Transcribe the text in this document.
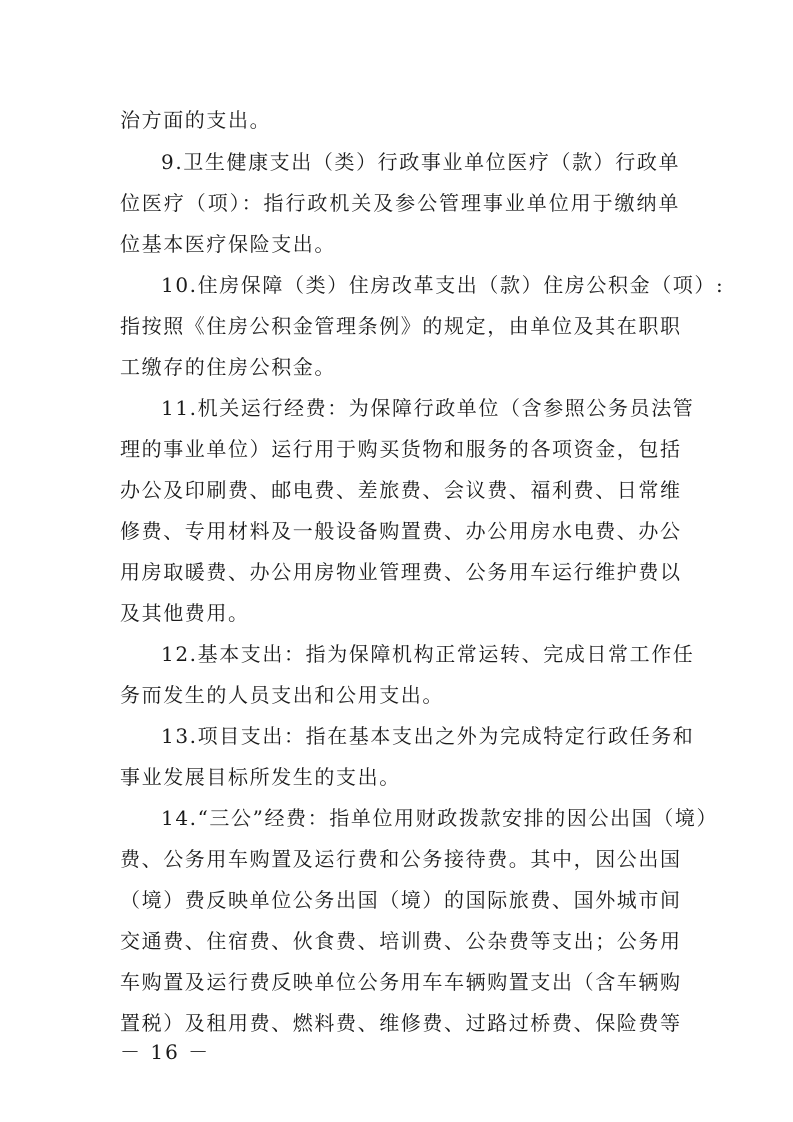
治方面的支出。
9.卫生健康支出（类）行政事业单位医疗（款）行政单
位医疗（项）：指行政机关及参公管理事业单位用于缴纳单
位基本医疗保险支出。
10.住房保障（类）住房改革支出（款）住房公积金（项）:
指按照《住房公积金管理条例》的规定，由单位及其在职职
工缴存的住房公积金。
11.机关运行经费：为保障行政单位（含参照公务员法管
理的事业单位）运行用于购买货物和服务的各项资金，包括
办公及印刷费、邮电费、差旅费、会议费、福利费、日常维
修费、专用材料及一般设备购置费、办公用房水电费、办公
用房取暖费、办公用房物业管理费、公务用车运行维护费以
及其他费用。
12.基本支出：指为保障机构正常运转、完成日常工作任
务而发生的人员支出和公用支出。
13.项目支出：指在基本支出之外为完成特定行政任务和
事业发展目标所发生的支出。
14.“三公”经费：指单位用财政拨款安排的因公出国（境）
费、公务用车购置及运行费和公务接待费。其中，因公出国
（境）费反映单位公务出国（境）的国际旅费、国外城市间
交通费、住宿费、伙食费、培训费、公杂费等支出；公务用
车购置及运行费反映单位公务用车车辆购置支出（含车辆购
置税）及租用费、燃料费、维修费、过路过桥费、保险费等
－ 16 －
